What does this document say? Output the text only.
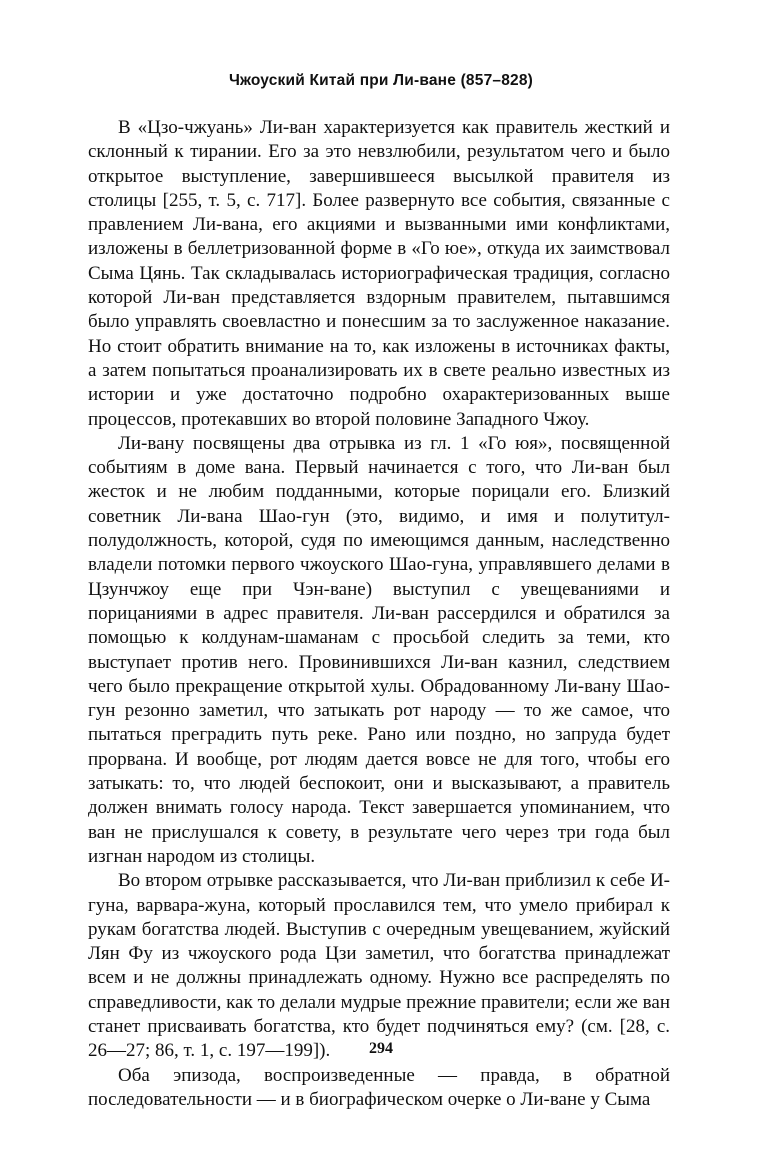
Чжоуский Китай при Ли-ване (857–828)

В «Цзо-чжуань» Ли-ван характеризуется как правитель жесткий и склонный к тирании. Его за это невзлюбили, результатом чего и было открытое выступление, завершившееся высылкой правителя из столицы [255, т. 5, с. 717]. Более развернуто все события, связанные с правлением Ли-вана, его акциями и вызванными ими конфликтами, изложены в беллетризованной форме в «Го юе», откуда их заимствовал Сыма Цянь. Так складывалась историографическая традиция, согласно которой Ли-ван представляется вздорным правителем, пытавшимся было управлять своевластно и понесшим за то заслуженное наказание. Но стоит обратить внимание на то, как изложены в источниках факты, а затем попытаться проанализировать их в свете реально известных из истории и уже достаточно подробно охарактеризованных выше процессов, протекавших во второй половине Западного Чжоу.

Ли-вану посвящены два отрывка из гл. 1 «Го юя», посвященной событиям в доме вана. Первый начинается с того, что Ли-ван был жесток и не любим подданными, которые порицали его. Близкий советник Ли-вана Шао-гун (это, видимо, и имя и полутитул-полудолжность, которой, судя по имеющимся данным, наследственно владели потомки первого чжоуского Шао-гуна, управлявшего делами в Цзунчжоу еще при Чэн-ване) выступил с увещеваниями и порицаниями в адрес правителя. Ли-ван рассердился и обратился за помощью к колдунам-шаманам с просьбой следить за теми, кто выступает против него. Провинившихся Ли-ван казнил, следствием чего было прекращение открытой хулы. Обрадованному Ли-вану Шао-гун резонно заметил, что затыкать рот народу — то же самое, что пытаться преградить путь реке. Рано или поздно, но запруда будет прорвана. И вообще, рот людям дается вовсе не для того, чтобы его затыкать: то, что людей беспокоит, они и высказывают, а правитель должен внимать голосу народа. Текст завершается упоминанием, что ван не прислушался к совету, в результате чего через три года был изгнан народом из столицы.

Во втором отрывке рассказывается, что Ли-ван приблизил к себе И-гуна, варвара-жуна, который прославился тем, что умело прибирал к рукам богатства людей. Выступив с очередным увещеванием, жуйский Лян Фу из чжоуского рода Цзи заметил, что богатства принадлежат всем и не должны принадлежать одному. Нужно все распределять по справедливости, как то делали мудрые прежние правители; если же ван станет присваивать богатства, кто будет подчиняться ему? (см. [28, с. 26—27; 86, т. 1, с. 197—199]).

Оба эпизода, воспроизведенные — правда, в обратной последовательности — и в биографическом очерке о Ли-ване у Сыма

294
